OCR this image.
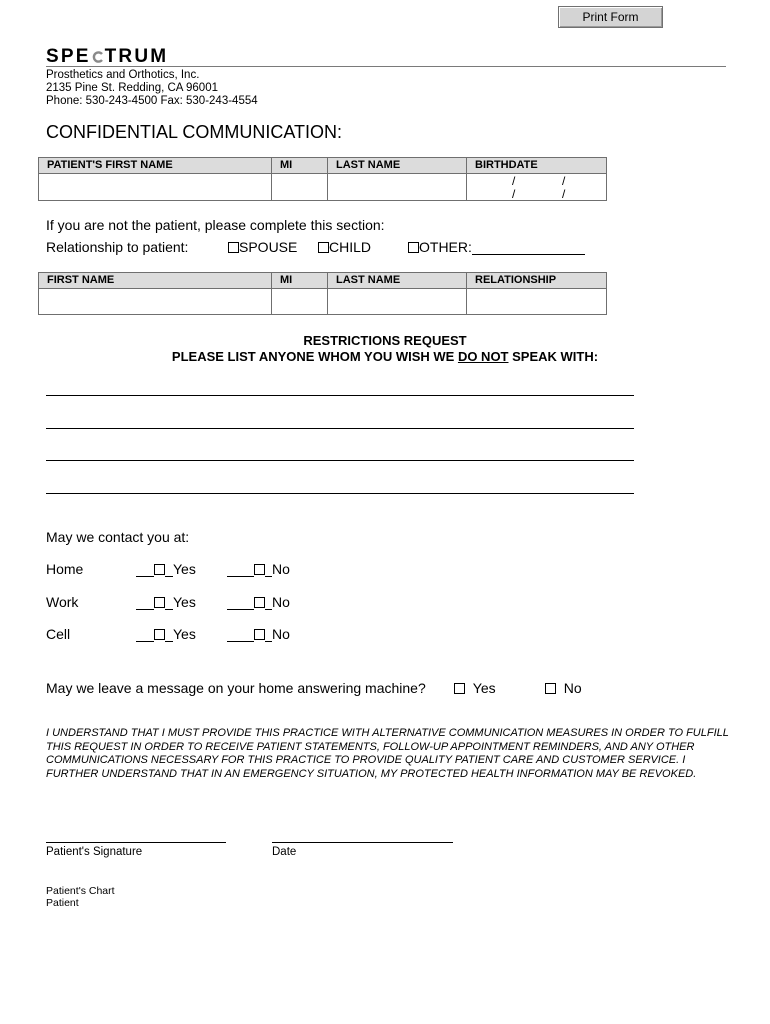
Print Form
SPE TRUM
Prosthetics and Orthotics, Inc.
2135 Pine St. Redding, CA 96001
Phone: 530-243-4500 Fax: 530-243-4554
CONFIDENTIAL COMMUNICATION:
PATIENT'S FIRST NAME	MI	LAST NAME	BIRTHDATE

			/ /
/ /
If you are not the patient, please complete this section:
Relationship to patient:	SPOUSE	CHILD	OTHER:
FIRST NAME	MI	LAST NAME	RELATIONSHIP

RESTRICTIONS REQUEST
PLEASE LIST ANYONE WHOM YOU WISH WE DO NOT SPEAK WITH:
May we contact you at:
Home	Yes	No
Work	Yes	No
Cell	Yes	No
May we leave a message on your home answering machine?	Yes	No
I UNDERSTAND THAT I MUST PROVIDE THIS PRACTICE WITH ALTERNATIVE COMMUNICATION MEASURES IN ORDER TO FULFILL THIS REQUEST IN ORDER TO RECEIVE PATIENT STATEMENTS, FOLLOW-UP APPOINTMENT REMINDERS, AND ANY OTHER COMMUNICATIONS NECESSARY FOR THIS PRACTICE TO PROVIDE QUALITY PATIENT CARE AND CUSTOMER SERVICE. I FURTHER UNDERSTAND THAT IN AN EMERGENCY SITUATION, MY PROTECTED HEALTH INFORMATION MAY BE REVOKED.
Patient's Signature	Date
Patient's Chart
Patient
